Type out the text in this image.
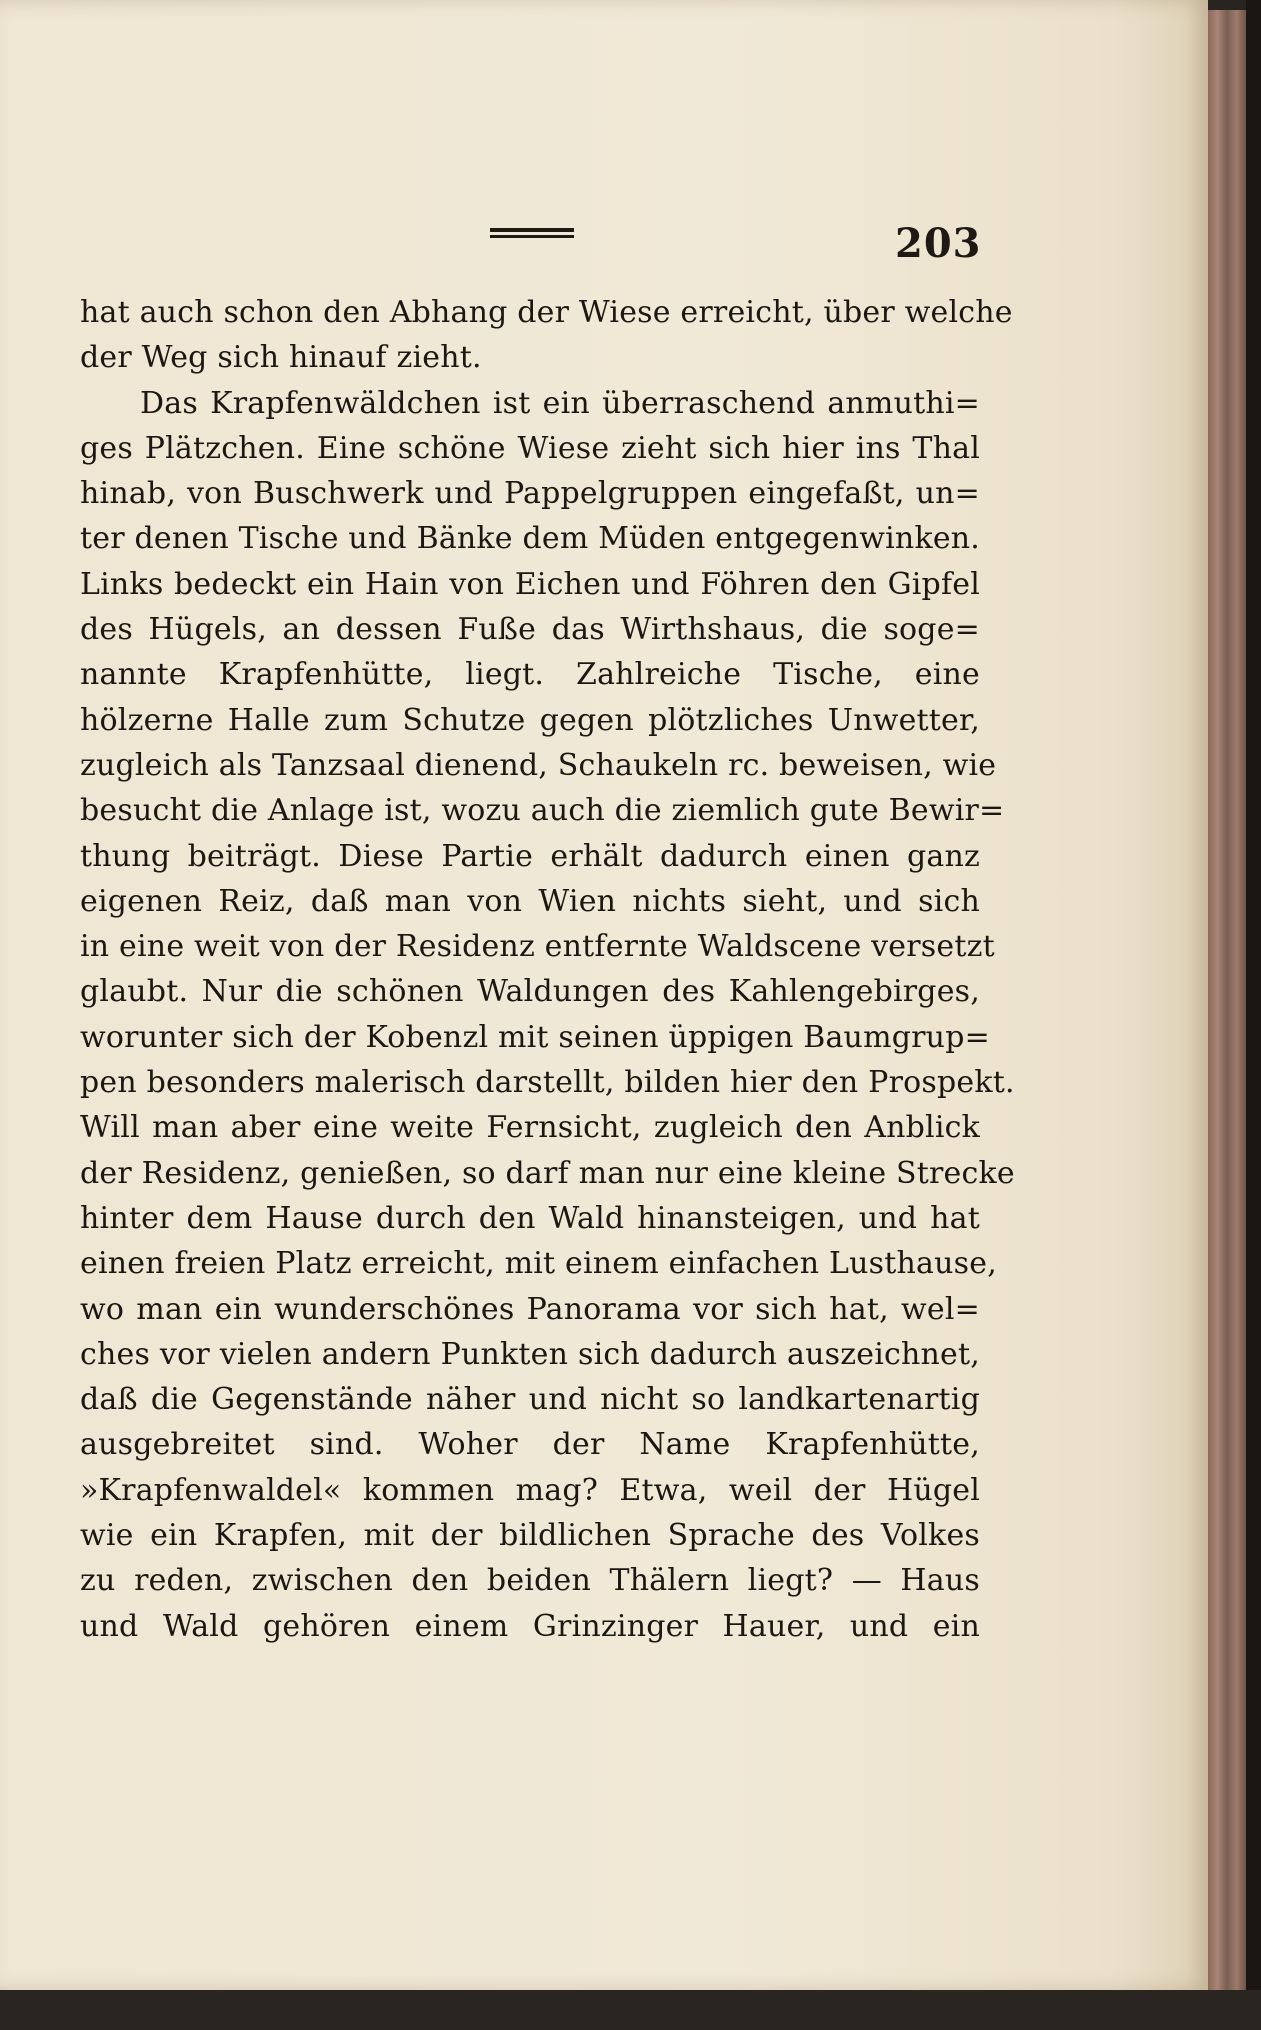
203
hat auch schon den Abhang der Wiese erreicht, über welche
der Weg sich hinauf zieht.
Das Krapfenwäldchen ist ein überraschend anmuthi=
ges Plätzchen. Eine schöne Wiese zieht sich hier ins Thal
hinab, von Buschwerk und Pappelgruppen eingefaßt, un=
ter denen Tische und Bänke dem Müden entgegenwinken.
Links bedeckt ein Hain von Eichen und Föhren den Gipfel
des Hügels, an dessen Fuße das Wirthshaus, die soge=
nannte Krapfenhütte, liegt. Zahlreiche Tische, eine
hölzerne Halle zum Schutze gegen plötzliches Unwetter,
zugleich als Tanzsaal dienend, Schaukeln rc. beweisen, wie
besucht die Anlage ist, wozu auch die ziemlich gute Bewir=
thung beiträgt. Diese Partie erhält dadurch einen ganz
eigenen Reiz, daß man von Wien nichts sieht, und sich
in eine weit von der Residenz entfernte Waldscene versetzt
glaubt. Nur die schönen Waldungen des Kahlengebirges,
worunter sich der Kobenzl mit seinen üppigen Baumgrup=
pen besonders malerisch darstellt, bilden hier den Prospekt.
Will man aber eine weite Fernsicht, zugleich den Anblick
der Residenz, genießen, so darf man nur eine kleine Strecke
hinter dem Hause durch den Wald hinansteigen, und hat
einen freien Platz erreicht, mit einem einfachen Lusthause,
wo man ein wunderschönes Panorama vor sich hat, wel=
ches vor vielen andern Punkten sich dadurch auszeichnet,
daß die Gegenstände näher und nicht so landkartenartig
ausgebreitet sind. Woher der Name Krapfenhütte,
»Krapfenwaldel« kommen mag? Etwa, weil der Hügel
wie ein Krapfen, mit der bildlichen Sprache des Volkes
zu reden, zwischen den beiden Thälern liegt? — Haus
und Wald gehören einem Grinzinger Hauer, und ein
